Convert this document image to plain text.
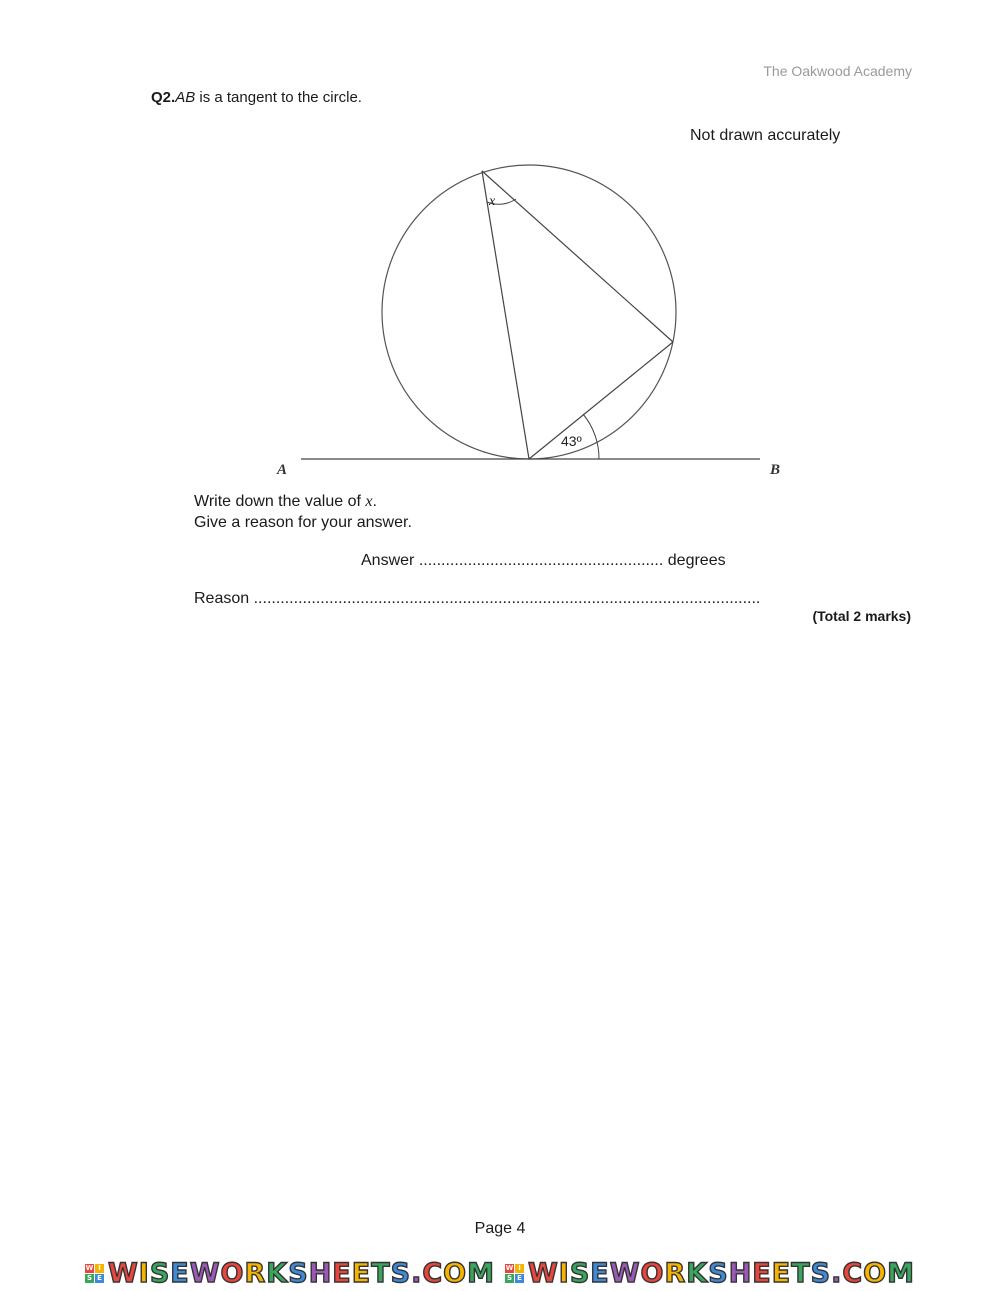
The Oakwood Academy
Q2.AB is a tangent to the circle.
Not drawn accurately
x
43º
A	B
Write down the value of x.
Give a reason for your answer.
Answer ....................................................... degrees
Reason ..................................................................................................................
(Total 2 marks)
Page 4
W I
S E WISEWORKSHEETS.COM W I
S E WISEWORKSHEETS.COM
